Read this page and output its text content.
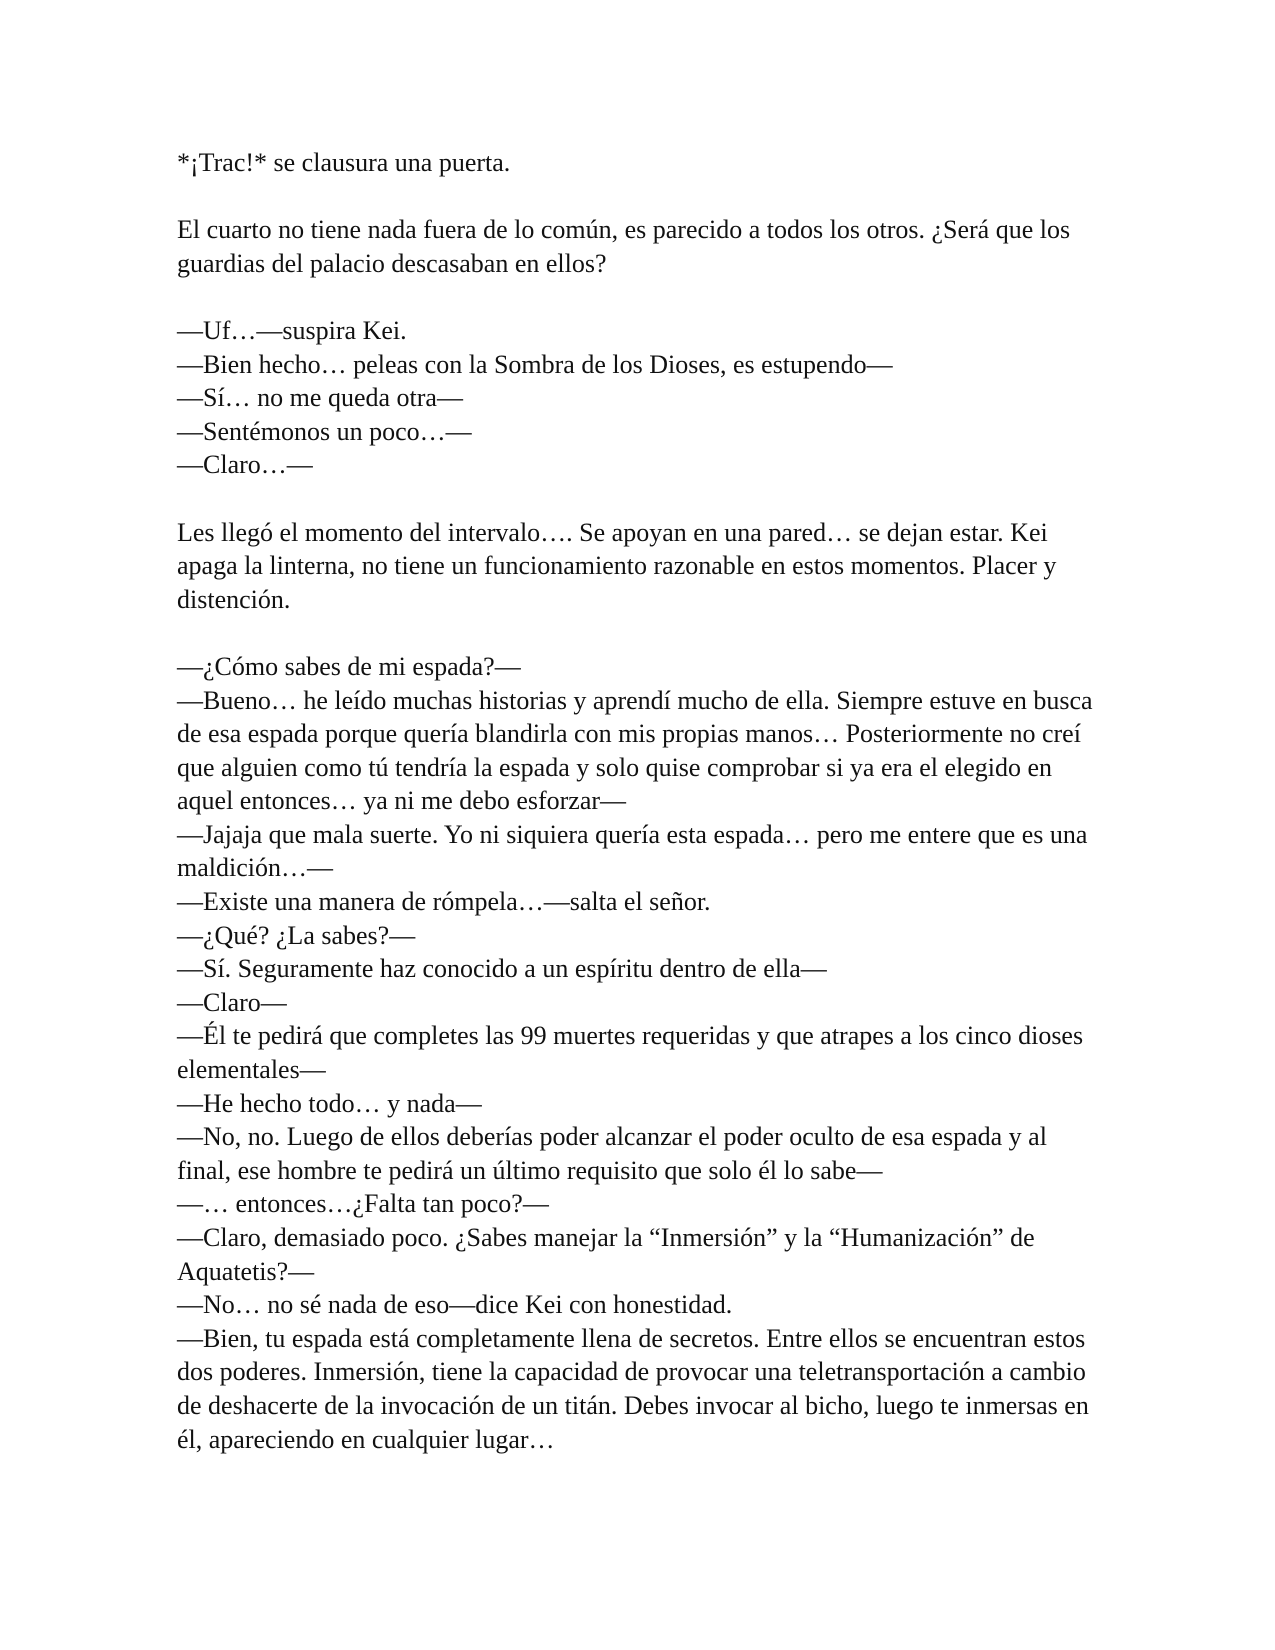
*¡Trac!* se clausura una puerta.

El cuarto no tiene nada fuera de lo común, es parecido a todos los otros. ¿Será que los guardias del palacio descasaban en ellos?

—Uf…—suspira Kei.
—Bien hecho… peleas con la Sombra de los Dioses, es estupendo—
—Sí… no me queda otra—
—Sentémonos un poco…—
—Claro…—

Les llegó el momento del intervalo…. Se apoyan en una pared… se dejan estar. Kei apaga la linterna, no tiene un funcionamiento razonable en estos momentos. Placer y distención.

—¿Cómo sabes de mi espada?—
—Bueno… he leído muchas historias y aprendí mucho de ella. Siempre estuve en busca de esa espada porque quería blandirla con mis propias manos… Posteriormente no creí que alguien como tú tendría la espada y solo quise comprobar si ya era el elegido en aquel entonces… ya ni me debo esforzar—
—Jajaja que mala suerte. Yo ni siquiera quería esta espada… pero me entere que es una maldición…—
—Existe una manera de rómpela…—salta el señor.
—¿Qué? ¿La sabes?—
—Sí. Seguramente haz conocido a un espíritu dentro de ella—
—Claro—
—Él te pedirá que completes las 99 muertes requeridas y que atrapes a los cinco dioses elementales—
—He hecho todo… y nada—
—No, no. Luego de ellos deberías poder alcanzar el poder oculto de esa espada y al final, ese hombre te pedirá un último requisito que solo él lo sabe—
—… entonces…¿Falta tan poco?—
—Claro, demasiado poco. ¿Sabes manejar la “Inmersión” y la “Humanización” de Aquatetis?—
—No… no sé nada de eso—dice Kei con honestidad.
—Bien, tu espada está completamente llena de secretos. Entre ellos se encuentran estos dos poderes. Inmersión, tiene la capacidad de provocar una teletransportación a cambio de deshacerte de la invocación de un titán. Debes invocar al bicho, luego te inmersas en él, apareciendo en cualquier lugar…
